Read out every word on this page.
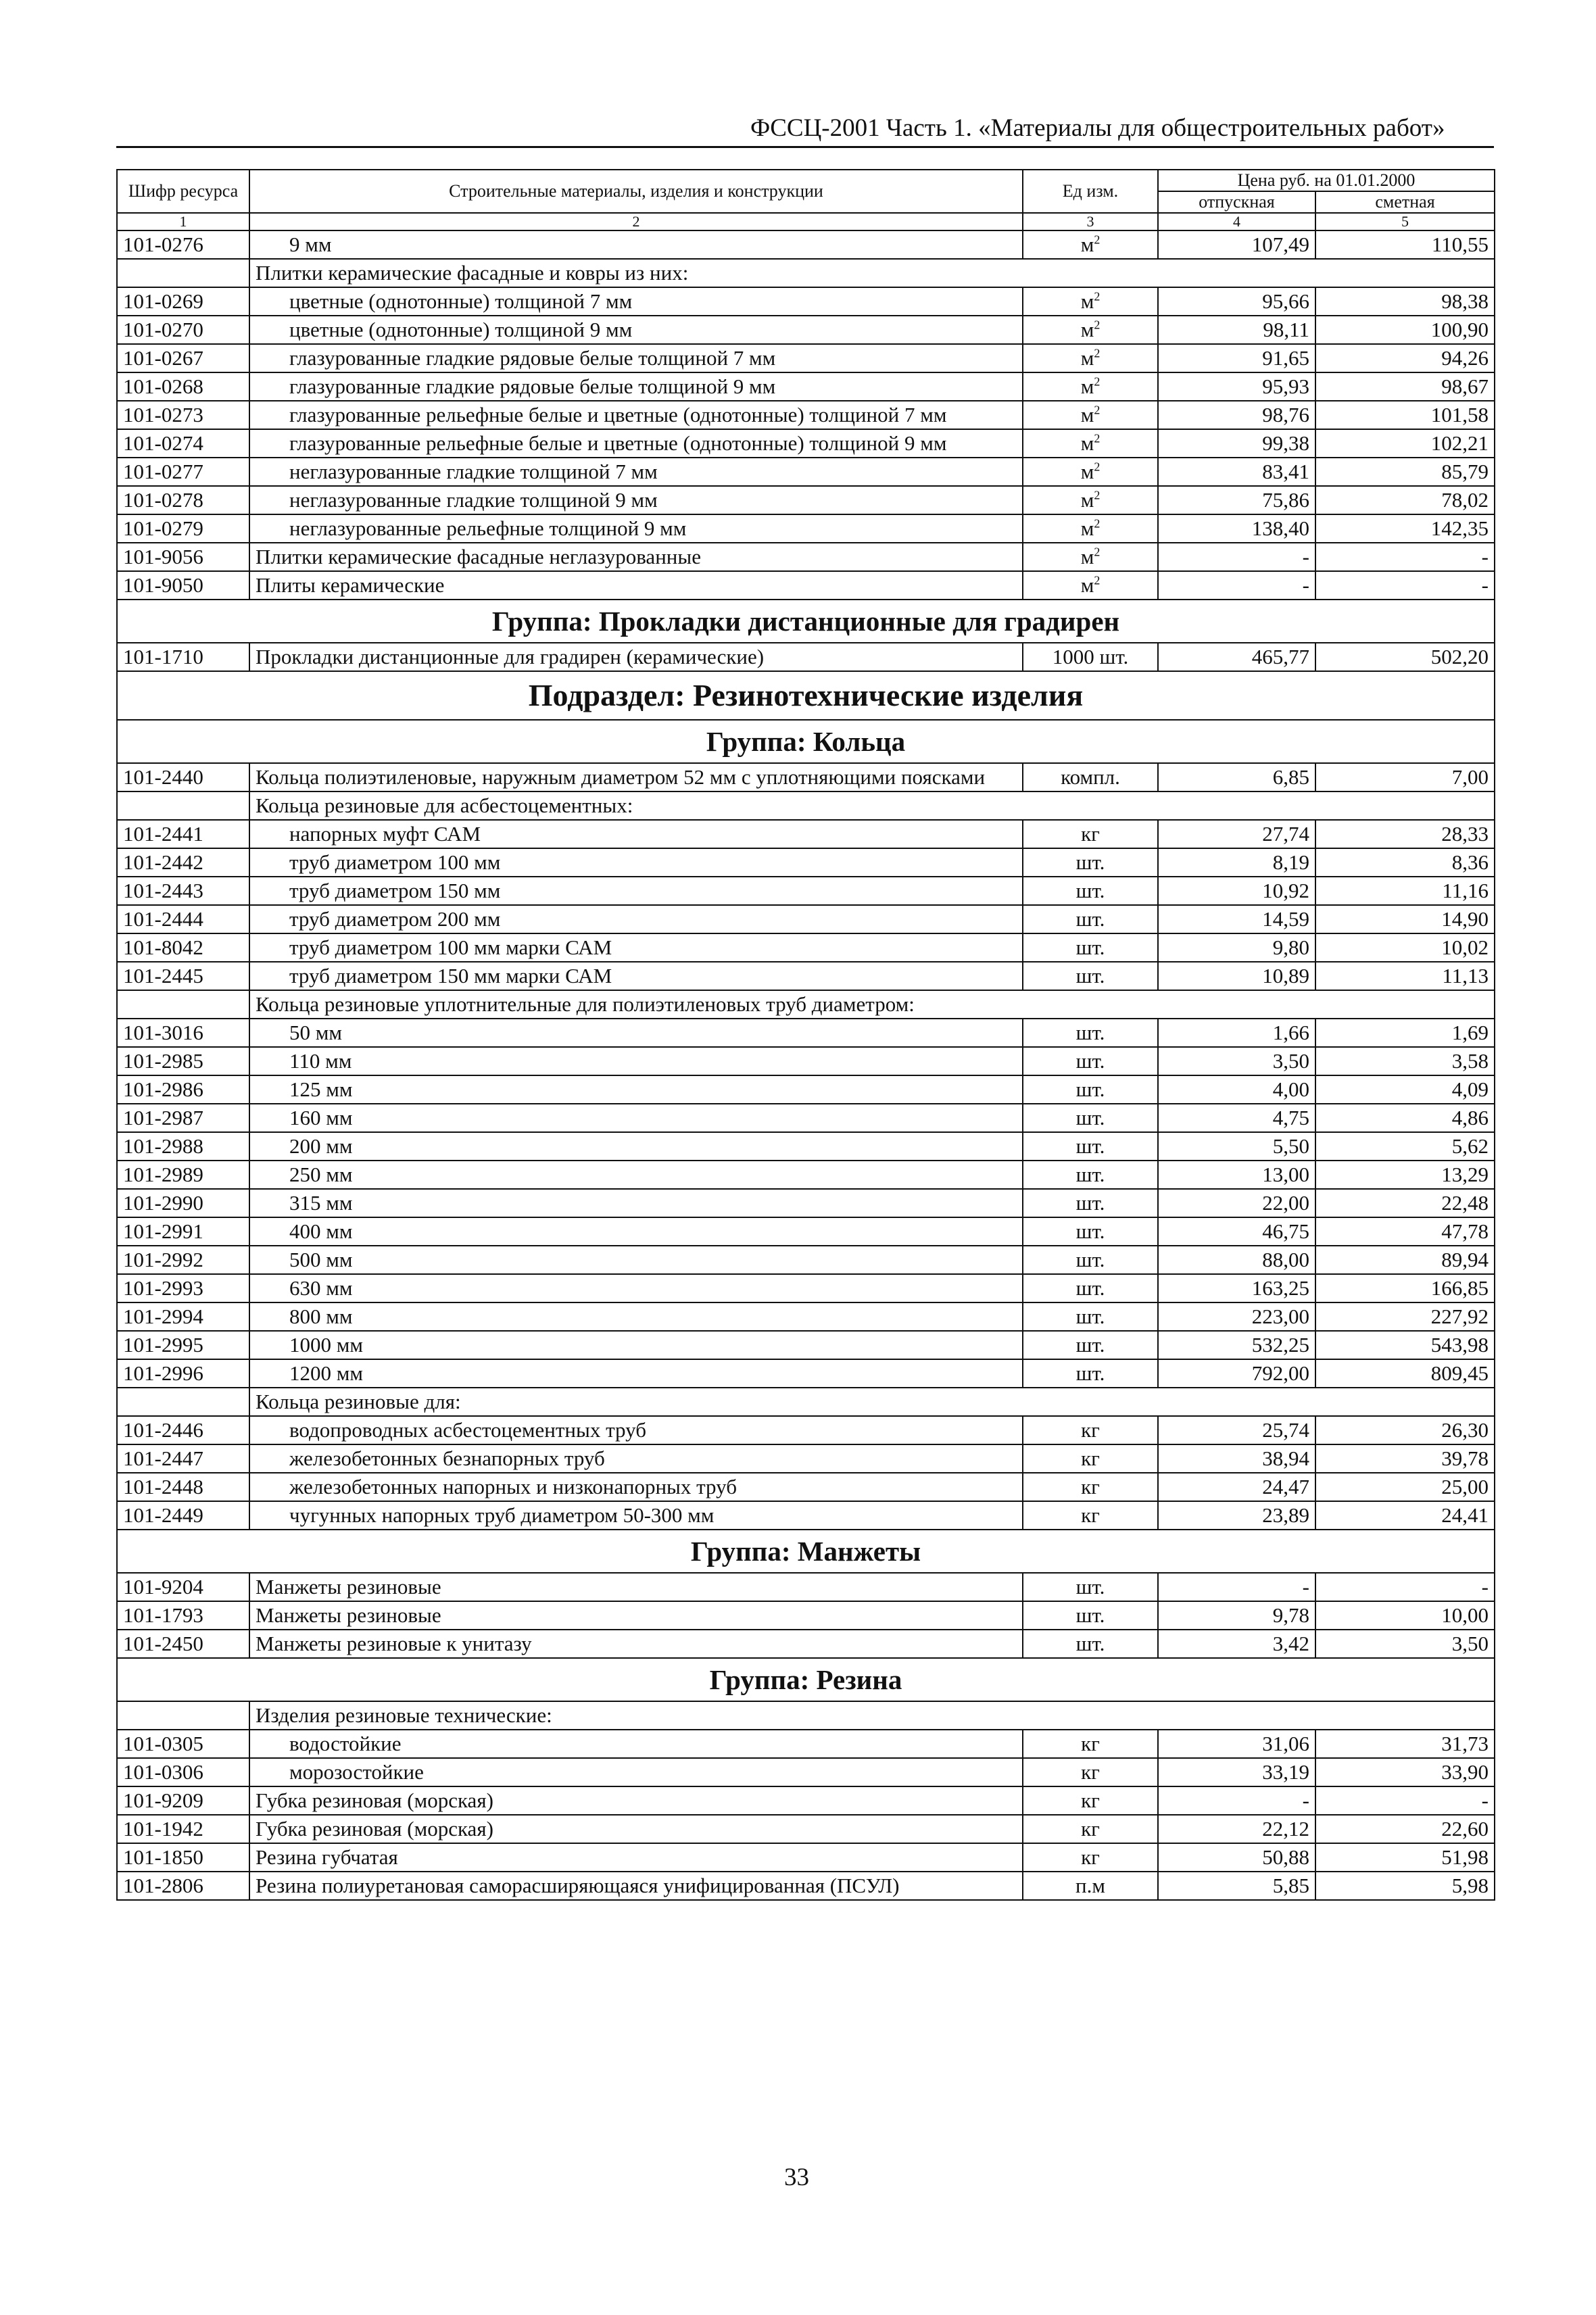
ФССЦ-2001 Часть 1. «Материалы для общестроительных работ»
Шифр ресурса	Строительные материалы, изделия и конструкции	Ед изм.	Цена руб. на 01.01.2000	
			отпускная	сметная
1	2	3	4	5
101-0276	9 мм	$м^2$	107,49	110,55
	Плитки керамические фасадные и ковры из них:			
101-0269	цветные (однотонные) толщиной 7 мм	$м^2$	95,66	98,38
101-0270	цветные (однотонные) толщиной 9 мм	$м^2$	98,11	100,90
101-0267	глазурованные гладкие рядовые белые толщиной 7 мм	$м^2$	91,65	94,26
101-0268	глазурованные гладкие рядовые белые толщиной 9 мм	$м^2$	95,93	98,67
101-0273	глазурованные рельефные белые и цветные (однотонные) толщиной 7 мм	$м^2$	98,76	101,58
101-0274	глазурованные рельефные белые и цветные (однотонные) толщиной 9 мм	$м^2$	99,38	102,21
101-0277	неглазурованные гладкие толщиной 7 мм	$м^2$	83,41	85,79
101-0278	неглазурованные гладкие толщиной 9 мм	$м^2$	75,86	78,02
101-0279	неглазурованные рельефные толщиной 9 мм	$м^2$	138,40	142,35
101-9056	Плитки керамические фасадные неглазурованные	$м^2$	-	-
101-9050	Плиты керамические	$м^2$	-	-
Группа: Прокладки дистанционные для градирен				
101-1710	Прокладки дистанционные для градирен (керамические)	1000 шт.	465,77	502,20
Подраздел: Резинотехнические изделия				
Группа: Кольца				
101-2440	Кольца полиэтиленовые, наружным диаметром 52 мм с уплотняющими поясками	компл.	6,85	7,00
	Кольца резиновые для асбестоцементных:			
101-2441	напорных муфт САМ	кг	27,74	28,33
101-2442	труб диаметром 100 мм	шт.	8,19	8,36
101-2443	труб диаметром 150 мм	шт.	10,92	11,16
101-2444	труб диаметром 200 мм	шт.	14,59	14,90
101-8042	труб диаметром 100 мм марки САМ	шт.	9,80	10,02
101-2445	труб диаметром 150 мм марки САМ	шт.	10,89	11,13
	Кольца резиновые уплотнительные для полиэтиленовых труб диаметром:			
101-3016	50 мм	шт.	1,66	1,69
101-2985	110 мм	шт.	3,50	3,58
101-2986	125 мм	шт.	4,00	4,09
101-2987	160 мм	шт.	4,75	4,86
101-2988	200 мм	шт.	5,50	5,62
101-2989	250 мм	шт.	13,00	13,29
101-2990	315 мм	шт.	22,00	22,48
101-2991	400 мм	шт.	46,75	47,78
101-2992	500 мм	шт.	88,00	89,94
101-2993	630 мм	шт.	163,25	166,85
101-2994	800 мм	шт.	223,00	227,92
101-2995	1000 мм	шт.	532,25	543,98
101-2996	1200 мм	шт.	792,00	809,45
	Кольца резиновые для:			
101-2446	водопроводных асбестоцементных труб	кг	25,74	26,30
101-2447	железобетонных безнапорных труб	кг	38,94	39,78
101-2448	железобетонных напорных и низконапорных труб	кг	24,47	25,00
101-2449	чугунных напорных труб диаметром 50-300 мм	кг	23,89	24,41
Группа: Манжеты				
101-9204	Манжеты резиновые	шт.	-	-
101-1793	Манжеты резиновые	шт.	9,78	10,00
101-2450	Манжеты резиновые к унитазу	шт.	3,42	3,50
Группа: Резина				
	Изделия резиновые технические:			
101-0305	водостойкие	кг	31,06	31,73
101-0306	морозостойкие	кг	33,19	33,90
101-9209	Губка резиновая (морская)	кг	-	-
101-1942	Губка резиновая (морская)	кг	22,12	22,60
101-1850	Резина губчатая	кг	50,88	51,98
101-2806	Резина полиуретановая саморасширяющаяся унифицированная (ПСУЛ)	п.м	5,85	5,98
33
